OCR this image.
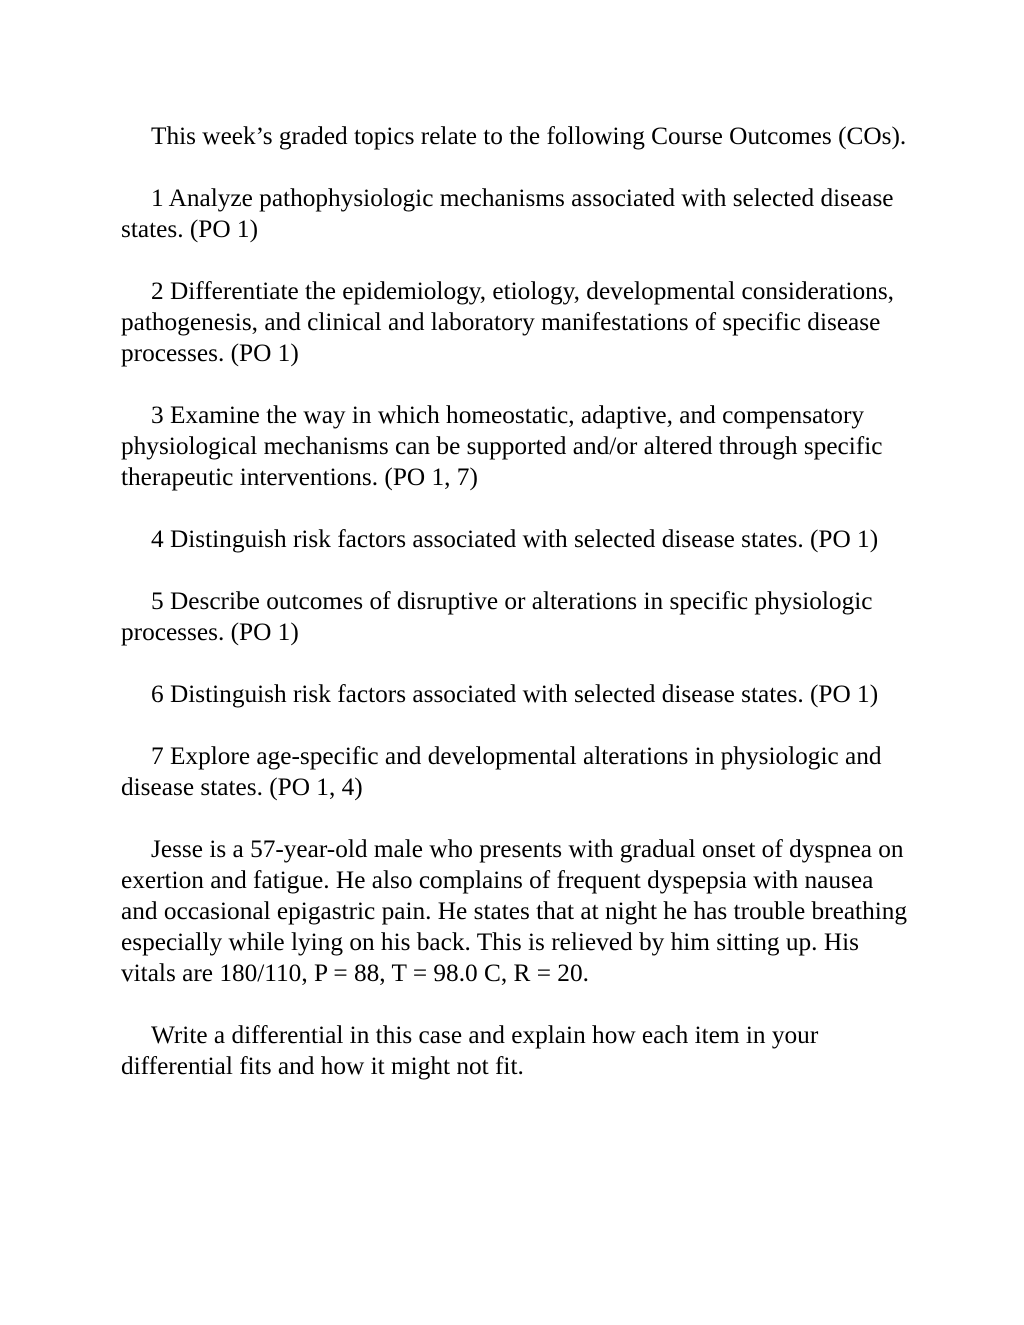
This week’s graded topics relate to the following Course Outcomes (COs).

1 Analyze pathophysiologic mechanisms associated with selected disease states. (PO 1)

2 Differentiate the epidemiology, etiology, developmental considerations, pathogenesis, and clinical and laboratory manifestations of specific disease processes. (PO 1)

3 Examine the way in which homeostatic, adaptive, and compensatory physiological mechanisms can be supported and/or altered through specific therapeutic interventions. (PO 1, 7)

4 Distinguish risk factors associated with selected disease states. (PO 1)

5 Describe outcomes of disruptive or alterations in specific physiologic processes. (PO 1)

6 Distinguish risk factors associated with selected disease states. (PO 1)

7 Explore age-specific and developmental alterations in physiologic and disease states. (PO 1, 4)

Jesse is a 57-year-old male who presents with gradual onset of dyspnea on exertion and fatigue. He also complains of frequent dyspepsia with nausea and occasional epigastric pain. He states that at night he has trouble breathing especially while lying on his back. This is relieved by him sitting up. His vitals are 180/110, P = 88, T = 98.0 C, R = 20.

Write a differential in this case and explain how each item in your differential fits and how it might not fit.
